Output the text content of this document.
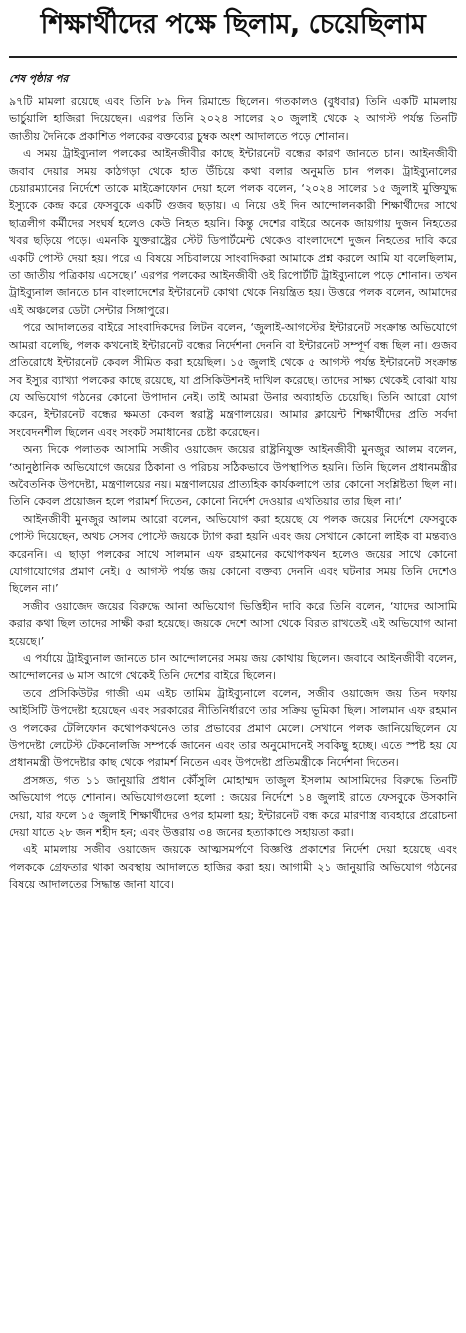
শিক্ষার্থীদের পক্ষে ছিলাম, চেয়েছিলাম
শেষ পৃষ্ঠার পর

৯৭টি মামলা রয়েছে এবং তিনি ৮৯ দিন রিমান্ডে ছিলেন। গতকালও (বুধবার) তিনি একটি মামলায় ভার্চুয়ালি হাজিরা দিয়েছেন। এরপর তিনি ২০২৪ সালের ২০ জুলাই থেকে ২ আগস্ট পর্যন্ত তিনটি জাতীয় দৈনিকে প্রকাশিত পলকের বক্তব্যের চুম্বক অংশ আদালতে পড়ে শোনান।

এ সময় ট্রাইব্যুনাল পলকের আইনজীবীর কাছে ইন্টারনেট বন্ধের কারণ জানতে চান। আইনজীবী জবাব দেয়ার সময় কাঠগড়া থেকে হাত উঁচিয়ে কথা বলার অনুমতি চান পলক। ট্রাইব্যুনালের চেয়ারম্যানের নির্দেশে তাকে মাইক্রোফোন দেয়া হলে পলক বলেন, ‘২০২৪ সালের ১৫ জুলাই মুক্তিযুদ্ধ ইস্যুকে কেন্দ্র করে ফেসবুকে একটি গুজব ছড়ায়। এ নিয়ে ওই দিন আন্দোলনকারী শিক্ষার্থীদের সাথে ছাত্রলীগ কর্মীদের সংঘর্ষ হলেও কেউ নিহত হয়নি। কিন্তু দেশের বাইরে অনেক জায়গায় দুজন নিহতের খবর ছড়িয়ে পড়ে। এমনকি যুক্তরাষ্ট্রের স্টেট ডিপার্টমেন্ট থেকেও বাংলাদেশে দুজন নিহতের দাবি করে একটি পোস্ট দেয়া হয়। পরে এ বিষয়ে সচিবালয়ে সাংবাদিকরা আমাকে প্রশ্ন করলে আমি যা বলেছিলাম, তা জাতীয় পত্রিকায় এসেছে।’ এরপর পলকের আইনজীবী ওই রিপোর্টটি ট্রাইব্যুনালে পড়ে শোনান। তখন ট্রাইব্যুনাল জানতে চান বাংলাদেশের ইন্টারনেট কোথা থেকে নিয়ন্ত্রিত হয়। উত্তরে পলক বলেন, আমাদের এই অঞ্চলের ডেটা সেন্টার সিঙ্গাপুরে।

পরে আদালতের বাইরে সাংবাদিকদের লিটন বলেন, ‘জুলাই-আগস্টের ইন্টারনেট সংক্রান্ত অভিযোগে আমরা বলেছি, পলক কখনোই ইন্টারনেট বন্ধের নির্দেশনা দেননি বা ইন্টারনেট সম্পূর্ণ বন্ধ ছিল না। গুজব প্রতিরোধে ইন্টারনেট কেবল সীমিত করা হয়েছিল। ১৫ জুলাই থেকে ৫ আগস্ট পর্যন্ত ইন্টারনেট সংক্রান্ত সব ইস্যুর ব্যাখ্যা পলকের কাছে রয়েছে, যা প্রসিকিউশনই দাখিল করেছে। তাদের সাক্ষ্য থেকেই বোঝা যায় যে অভিযোগ গঠনের কোনো উপাদান নেই। তাই আমরা উনার অব্যাহতি চেয়েছি। তিনি আরো যোগ করেন, ইন্টারনেট বন্ধের ক্ষমতা কেবল স্বরাষ্ট্র মন্ত্রণালয়ের। আমার ক্লায়েন্ট শিক্ষার্থীদের প্রতি সর্বদা সংবেদনশীল ছিলেন এবং সংকট সমাধানের চেষ্টা করেছেন।

অন্য দিকে পলাতক আসামি সজীব ওয়াজেদ জয়ের রাষ্ট্রনিযুক্ত আইনজীবী মুনজুর আলম বলেন, ‘আনুষ্ঠানিক অভিযোগে জয়ের ঠিকানা ও পরিচয় সঠিকভাবে উপস্থাপিত হয়নি। তিনি ছিলেন প্রধানমন্ত্রীর অবৈতনিক উপদেষ্টা, মন্ত্রণালয়ের নয়। মন্ত্রণালয়ের প্রাত্যহিক কার্যকলাপে তার কোনো সংশ্লিষ্টতা ছিল না। তিনি কেবল প্রয়োজন হলে পরামর্শ দিতেন, কোনো নির্দেশ দেওয়ার এখতিয়ার তার ছিল না।’

আইনজীবী মুনজুর আলম আরো বলেন, অভিযোগ করা হয়েছে যে পলক জয়ের নির্দেশে ফেসবুকে পোস্ট দিয়েছেন, অথচ সেসব পোস্টে জয়কে ট্যাগ করা হয়নি এবং জয় সেখানে কোনো লাইক বা মন্তব্যও করেননি। এ ছাড়া পলকের সাথে সালমান এফ রহমানের কথোপকথন হলেও জয়ের সাথে কোনো যোগাযোগের প্রমাণ নেই। ৫ আগস্ট পর্যন্ত জয় কোনো বক্তব্য দেননি এবং ঘটনার সময় তিনি দেশেও ছিলেন না।’

সজীব ওয়াজেদ জয়ের বিরুদ্ধে আনা অভিযোগ ভিত্তিহীন দাবি করে তিনি বলেন, ‘যাদের আসামি করার কথা ছিল তাদের সাক্ষী করা হয়েছে। জয়কে দেশে আসা থেকে বিরত রাখতেই এই অভিযোগ আনা হয়েছে।’

এ পর্যায়ে ট্রাইব্যুনাল জানতে চান আন্দোলনের সময় জয় কোথায় ছিলেন। জবাবে আইনজীবী বলেন, আন্দোলনের ৬ মাস আগে থেকেই তিনি দেশের বাইরে ছিলেন।

তবে প্রসিকিউটর গাজী এম এইচ তামিম ট্রাইব্যুনালে বলেন, সজীব ওয়াজেদ জয় তিন দফায় আইসিটি উপদেষ্টা হয়েছেন এবং সরকারের নীতিনির্ধারণে তার সক্রিয় ভূমিকা ছিল। সালমান এফ রহমান ও পলকের টেলিফোন কথোপকথনেও তার প্রভাবের প্রমাণ মেলে। সেখানে পলক জানিয়েছিলেন যে উপদেষ্টা লেটেস্ট টেকনোলজি সম্পর্কে জানেন এবং তার অনুমোদনেই সবকিছু হচ্ছে। এতে স্পষ্ট হয় যে প্রধানমন্ত্রী উপদেষ্টার কাছ থেকে পরামর্শ নিতেন এবং উপদেষ্টা প্রতিমন্ত্রীকে নির্দেশনা দিতেন।

প্রসঙ্গত, গত ১১ জানুয়ারি প্রধান কৌঁসুলি মোহাম্মদ তাজুল ইসলাম আসামিদের বিরুদ্ধে তিনটি অভিযোগ পড়ে শোনান। অভিযোগগুলো হলো : জয়ের নির্দেশে ১৪ জুলাই রাতে ফেসবুকে উসকানি দেয়া, যার ফলে ১৫ জুলাই শিক্ষার্থীদের ওপর হামলা হয়; ইন্টারনেট বন্ধ করে মারণাস্ত্র ব্যবহারে প্ররোচনা দেয়া যাতে ২৮ জন শহীদ হন; এবং উত্তরায় ৩৪ জনের হত্যাকাণ্ডে সহায়তা করা।

এই মামলায় সজীব ওয়াজেদ জয়কে আত্মসমর্পণে বিজ্ঞপ্তি প্রকাশের নির্দেশ দেয়া হয়েছে এবং পলককে গ্রেফতার থাকা অবস্থায় আদালতে হাজির করা হয়। আগামী ২১ জানুয়ারি অভিযোগ গঠনের বিষয়ে আদালতের সিদ্ধান্ত জানা যাবে।
